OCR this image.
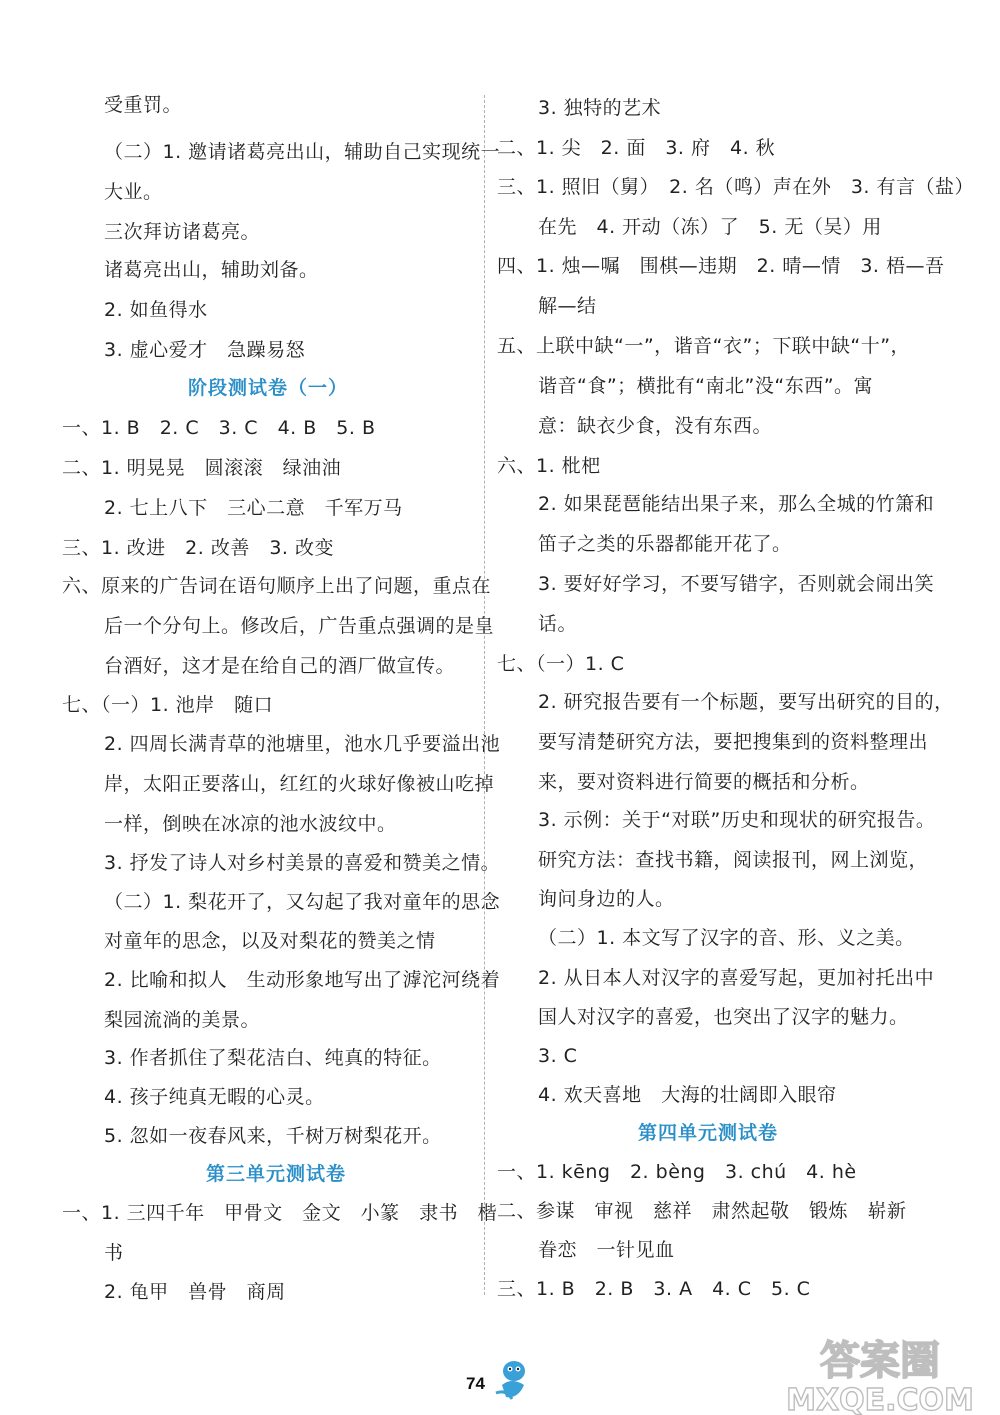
受重罚。
（二）1. 邀请诸葛亮出山，辅助自己实现统一
大业。
三次拜访诸葛亮。
诸葛亮出山，辅助刘备。
2. 如鱼得水
3. 虚心爱才　急躁易怒
阶段测试卷（一）
一、1. B　2. C　3. C　4. B　5. B
二、1. 明晃晃　圆滚滚　绿油油
2. 七上八下　三心二意　千军万马
三、1. 改进　2. 改善　3. 改变
六、原来的广告词在语句顺序上出了问题，重点在
后一个分句上。修改后，广告重点强调的是皇
台酒好，这才是在给自己的酒厂做宣传。
七、（一）1. 池岸　随口
2. 四周长满青草的池塘里，池水几乎要溢出池
岸，太阳正要落山，红红的火球好像被山吃掉
一样，倒映在冰凉的池水波纹中。
3. 抒发了诗人对乡村美景的喜爱和赞美之情。
（二）1. 梨花开了，又勾起了我对童年的思念
对童年的思念，以及对梨花的赞美之情
2. 比喻和拟人　生动形象地写出了滹沱河绕着
梨园流淌的美景。
3. 作者抓住了梨花洁白、纯真的特征。
4. 孩子纯真无暇的心灵。
5. 忽如一夜春风来，千树万树梨花开。
第三单元测试卷
一、1. 三四千年　甲骨文　金文　小篆　隶书　楷
书
2. 龟甲　兽骨　商周
3. 独特的艺术
二、1. 尖　2. 面　3. 府　4. 秋
三、1. 照旧（舅）　2. 名（鸣）声在外　3. 有言（盐）
在先　4. 开动（冻）了　5. 无（吴）用
四、1. 烛—嘱　围棋—违期　2. 晴—情　3. 梧—吾
解—结
五、上联中缺“一”，谐音“衣”；下联中缺“十”，
谐音“食”；横批有“南北”没“东西”。寓
意：缺衣少食，没有东西。
六、1. 枇杷
2. 如果琵琶能结出果子来，那么全城的竹箫和
笛子之类的乐器都能开花了。
3. 要好好学习，不要写错字，否则就会闹出笑
话。
七、（一）1. C
2. 研究报告要有一个标题，要写出研究的目的，
要写清楚研究方法，要把搜集到的资料整理出
来，要对资料进行简要的概括和分析。
3. 示例：关于“对联”历史和现状的研究报告。
研究方法：查找书籍，阅读报刊，网上浏览，
询问身边的人。
（二）1. 本文写了汉字的音、形、义之美。
2. 从日本人对汉字的喜爱写起，更加衬托出中
国人对汉字的喜爱，也突出了汉字的魅力。
3. C
4. 欢天喜地　大海的壮阔即入眼帘
第四单元测试卷
一、1. kēng　2. bèng　3. chú　4. hè
二、参谋　审视　慈祥　肃然起敬　锻炼　崭新
眷恋　一针见血
三、1. B　2. B　3. A　4. C　5. C
74	答案圈
MXQE.COM
